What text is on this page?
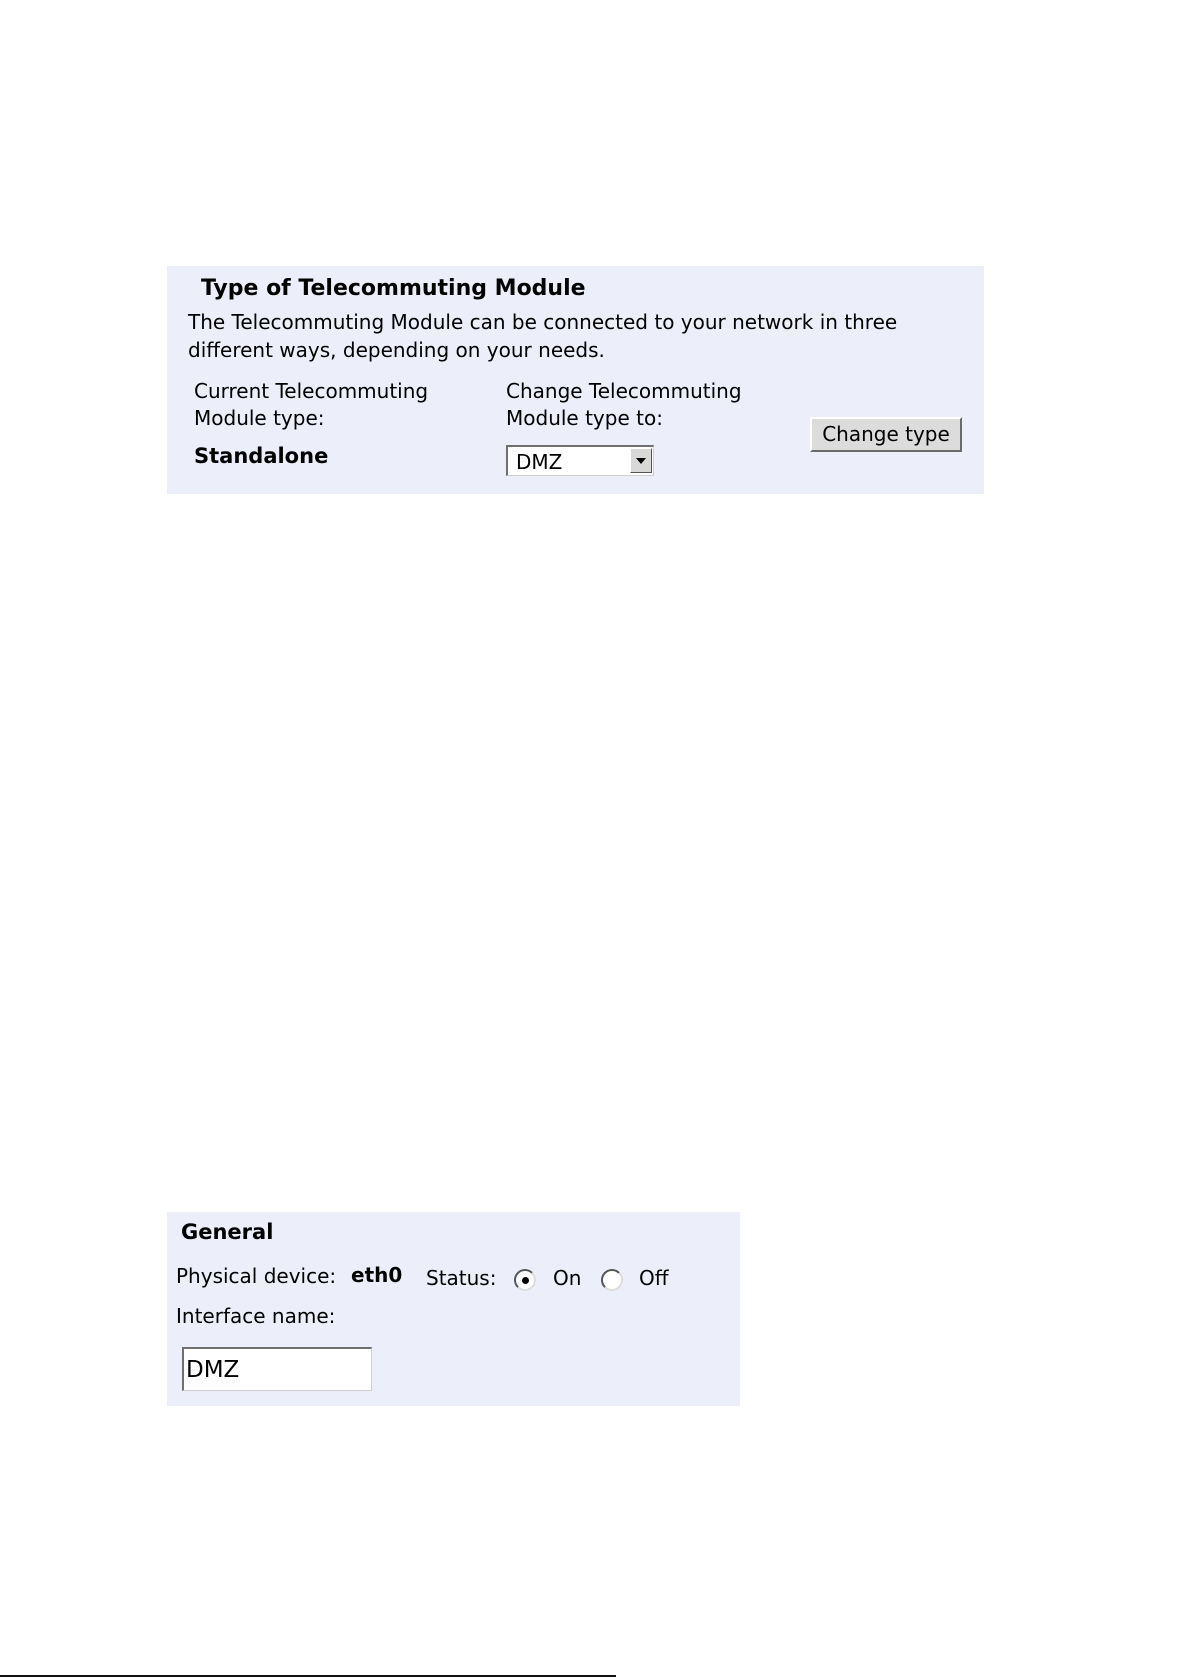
Type of Telecommuting Module
The Telecommuting Module can be connected to your network in three different ways, depending on your needs.
Current Telecommuting Module type:
Standalone
Change Telecommuting Module type to:
DMZ
Change type
General
Physical device: eth0 Status:	On	Off
Interface name:
DMZ
